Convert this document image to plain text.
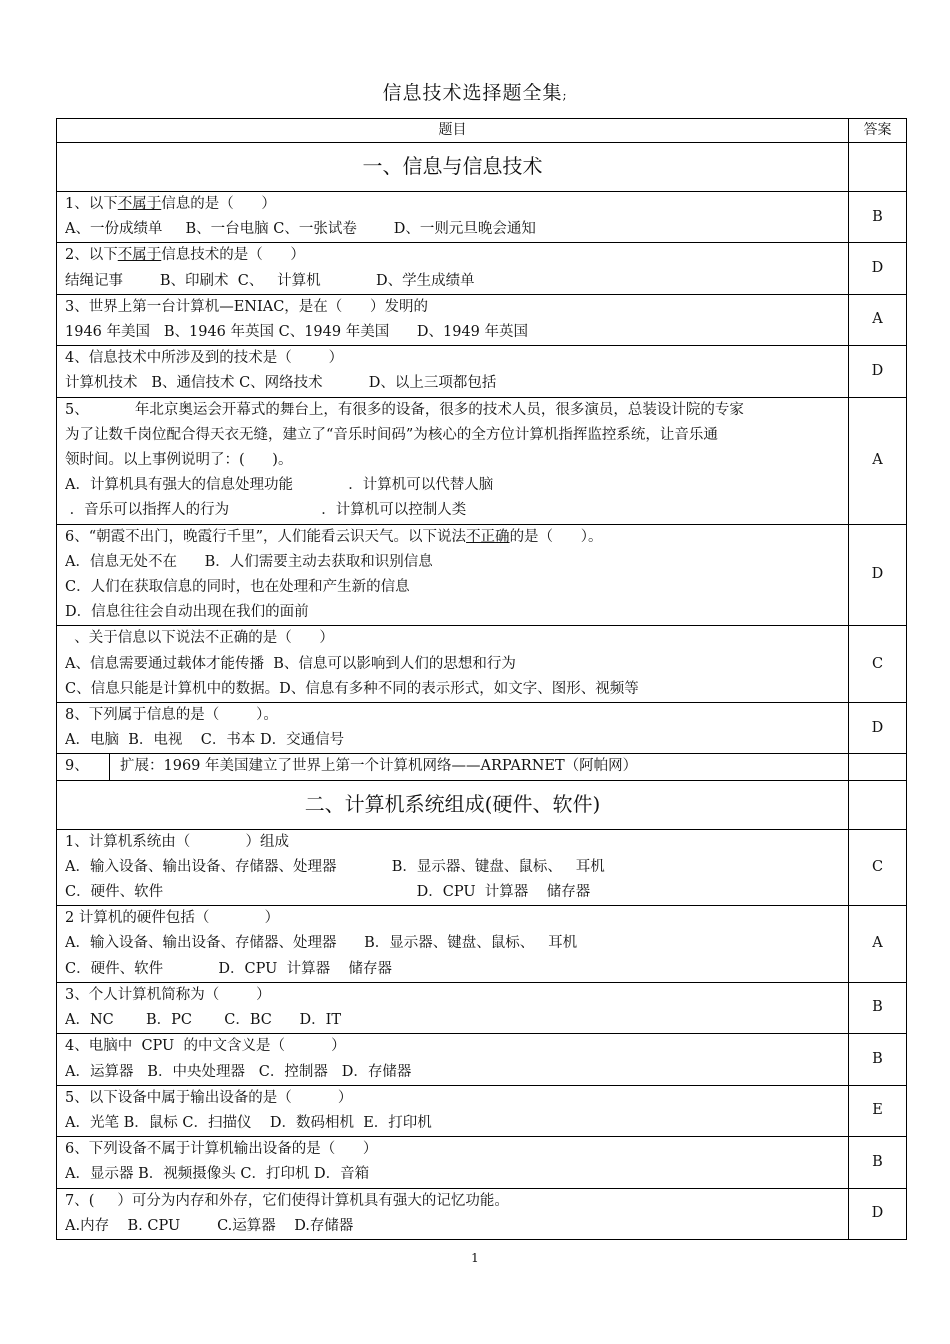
信息技术选择题全集;
题目	答案
一、信息与信息技术	

1、以下不属于信息的是（      ）
A、一份成绩单     B、一台电脑 C、一张试卷        D、一则元旦晚会通知	B

2、以下不属于信息技术的是（      ）
结绳记事        B、印刷术  C、   计算机            D、学生成绩单	D

3、世界上第一台计算机—ENIAC，是在（      ）发明的
1946 年美国   B、1946 年英国 C、1949 年美国      D、1949 年英国	A

4、信息技术中所涉及到的技术是（        ）
计算机技术   B、通信技术 C、网络技术          D、以上三项都包括	D

5、          年北京奥运会开幕式的舞台上，有很多的设备，很多的技术人员，很多演员，总装设计院的专家
为了让数千岗位配合得天衣无缝，建立了“音乐时间码”为核心的全方位计算机指挥监控系统，让音乐通
领时间。以上事例说明了：(      )。
A．计算机具有强大的信息处理功能            ．计算机可以代替人脑
．音乐可以指挥人的行为                    ．计算机可以控制人类	A

6、“朝霞不出门，晚霞行千里”，人们能看云识天气。以下说法不正确的是（      ）。
A．信息无处不在      B．人们需要主动去获取和识别信息
C．人们在获取信息的同时，也在处理和产生新的信息
D．信息往往会自动出现在我们的面前	D

、关于信息以下说法不正确的是（      ）
A、信息需要通过载体才能传播  B、信息可以影响到人们的思想和行为
C、信息只能是计算机中的数据。D、信息有多种不同的表示形式，如文字、图形、视频等	C

8、下列属于信息的是（        ）。
A．电脑  B．电视    C．书本 D．交通信号	D

9、 扩展：1969 年美国建立了世界上第一个计算机网络——ARPARNET（阿帕网）	

二、计算机系统组成(硬件、软件)	

1、计算机系统由（            ）组成
A．输入设备、输出设备、存储器、处理器            B．显示器、键盘、鼠标、   耳机
C．硬件、软件                                                       D．CPU  计算器    储存器	C

2 计算机的硬件包括（            ）
A．输入设备、输出设备、存储器、处理器      B．显示器、键盘、鼠标、   耳机
C．硬件、软件            D．CPU  计算器    储存器	A

3、个人计算机简称为（        ）
A．NC       B．PC       C．BC      D．IT	B

4、电脑中  CPU  的中文含义是（          ）
A．运算器   B．中央处理器   C．控制器   D．存储器	B

5、以下设备中属于输出设备的是（          ）
A．光笔 B．鼠标 C．扫描仪    D．数码相机  E．打印机	E

6、下列设备不属于计算机输出设备的是（      ）
A．显示器 B．视频摄像头 C．打印机 D．音箱	B

7、(     ）可分为内存和外存，它们使得计算机具有强大的记忆功能。
A.内存    B. CPU        C.运算器    D.存储器	D
1
